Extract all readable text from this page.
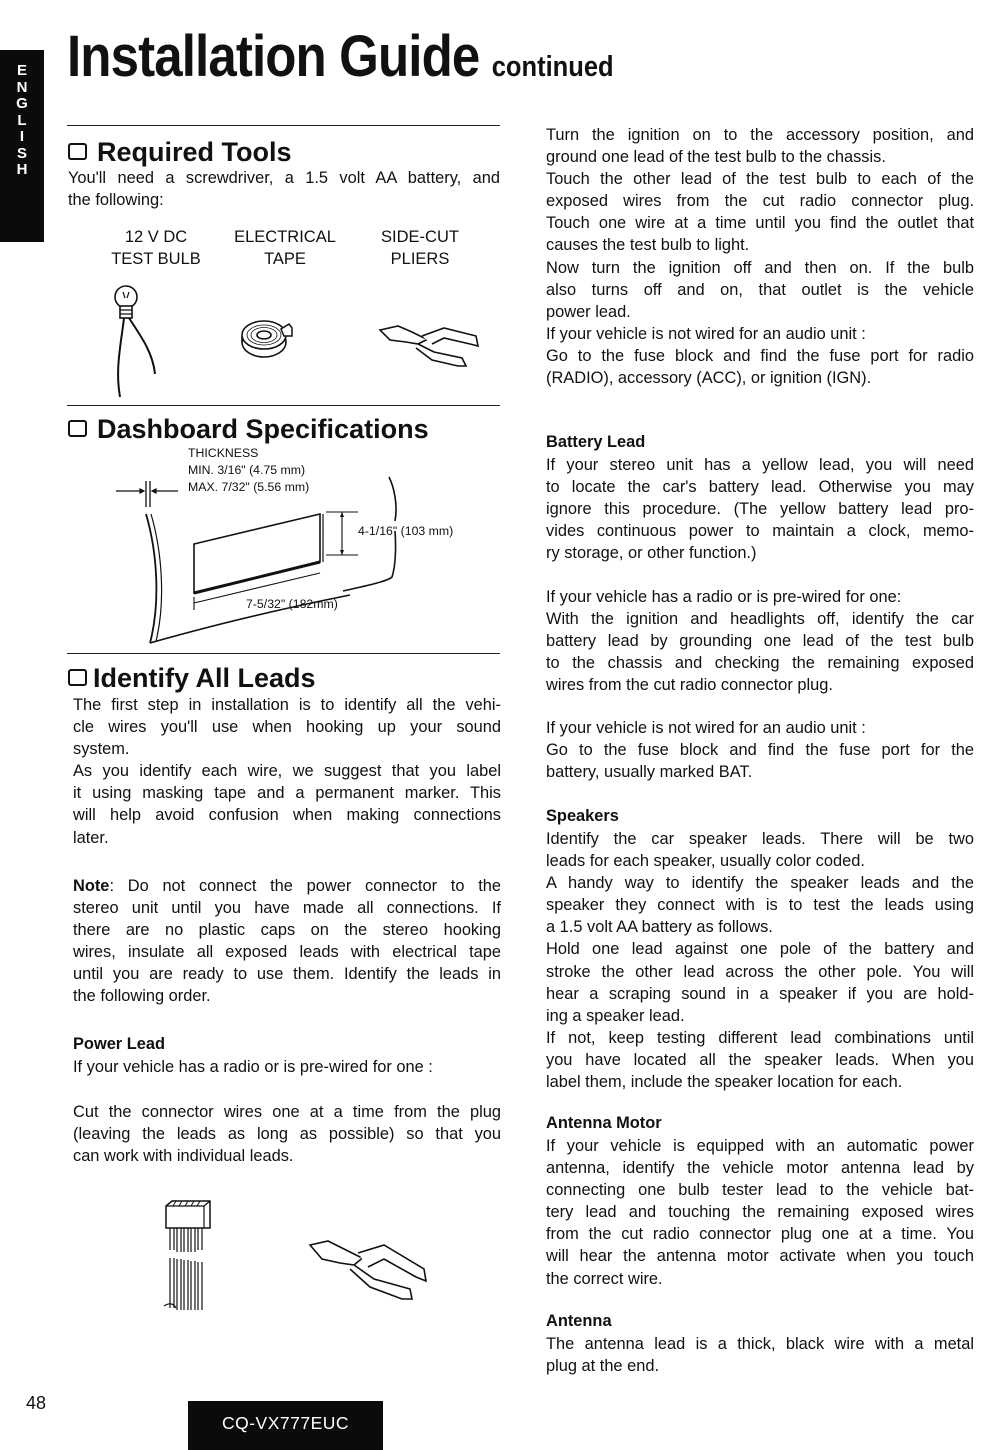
E
N
G
L
I
S
H
Installation Guide continued
Required Tools
You'll need a screwdriver, a 1.5 volt AA battery, and
the following:
12 V DC
TEST BULB
ELECTRICAL
TAPE
SIDE-CUT
PLIERS
Dashboard Specifications
THICKNESS
MIN. 3/16" (4.75 mm)
MAX. 7/32" (5.56 mm)
4-1/16" (103 mm)
7-5/32" (182mm)
Identify All Leads
The first step in installation is to identify all the vehi-
cle wires you'll use when hooking up your sound
system.
As you identify each wire, we suggest that you label
it using masking tape and a permanent marker. This
will help avoid confusion when making connections
later.
Note: Do not connect the power connector to the
stereo unit until you have made all connections. If
there are no plastic caps on the stereo hooking
wires, insulate all exposed leads with electrical tape
until you are ready to use them. Identify the leads in
the following order.
Power Lead
If your vehicle has a radio or is pre-wired for one :
Cut the connector wires one at a time from the plug
(leaving the leads as long as possible) so that you
can work with individual leads.
Turn the ignition on to the accessory position, and
ground one lead of the test bulb to the chassis.
Touch the other lead of the test bulb to each of the
exposed wires from the cut radio connector plug.
Touch one wire at a time until you find the outlet that
causes the test bulb to light.
Now turn the ignition off and then on. If the bulb
also turns off and on, that outlet is the vehicle
power lead.
If your vehicle is not wired for an audio unit :
Go to the fuse block and find the fuse port for radio
(RADIO), accessory (ACC), or ignition (IGN).
Battery Lead
If your stereo unit has a yellow lead, you will need
to locate the car's battery lead. Otherwise you may
ignore this procedure. (The yellow battery lead pro-
vides continuous power to maintain a clock, memo-
ry storage, or other function.)
If your vehicle has a radio or is pre-wired for one:
With the ignition and headlights off, identify the car
battery lead by grounding one lead of the test bulb
to the chassis and checking the remaining exposed
wires from the cut radio connector plug.
If your vehicle is not wired for an audio unit :
Go to the fuse block and find the fuse port for the
battery, usually marked BAT.
Speakers
Identify the car speaker leads. There will be two
leads for each speaker, usually color coded.
A handy way to identify the speaker leads and the
speaker they connect with is to test the leads using
a 1.5 volt AA battery as follows.
Hold one lead against one pole of the battery and
stroke the other lead across the other pole. You will
hear a scraping sound in a speaker if you are hold-
ing a speaker lead.
If not, keep testing different lead combinations until
you have located all the speaker leads. When you
label them, include the speaker location for each.
Antenna Motor
If your vehicle is equipped with an automatic power
antenna, identify the vehicle motor antenna lead by
connecting one bulb tester lead to the vehicle bat-
tery lead and touching the remaining exposed wires
from the cut radio connector plug one at a time. You
will hear the antenna motor activate when you touch
the correct wire.
Antenna
The antenna lead is a thick, black wire with a metal
plug at the end.
48
CQ-VX777EUC
